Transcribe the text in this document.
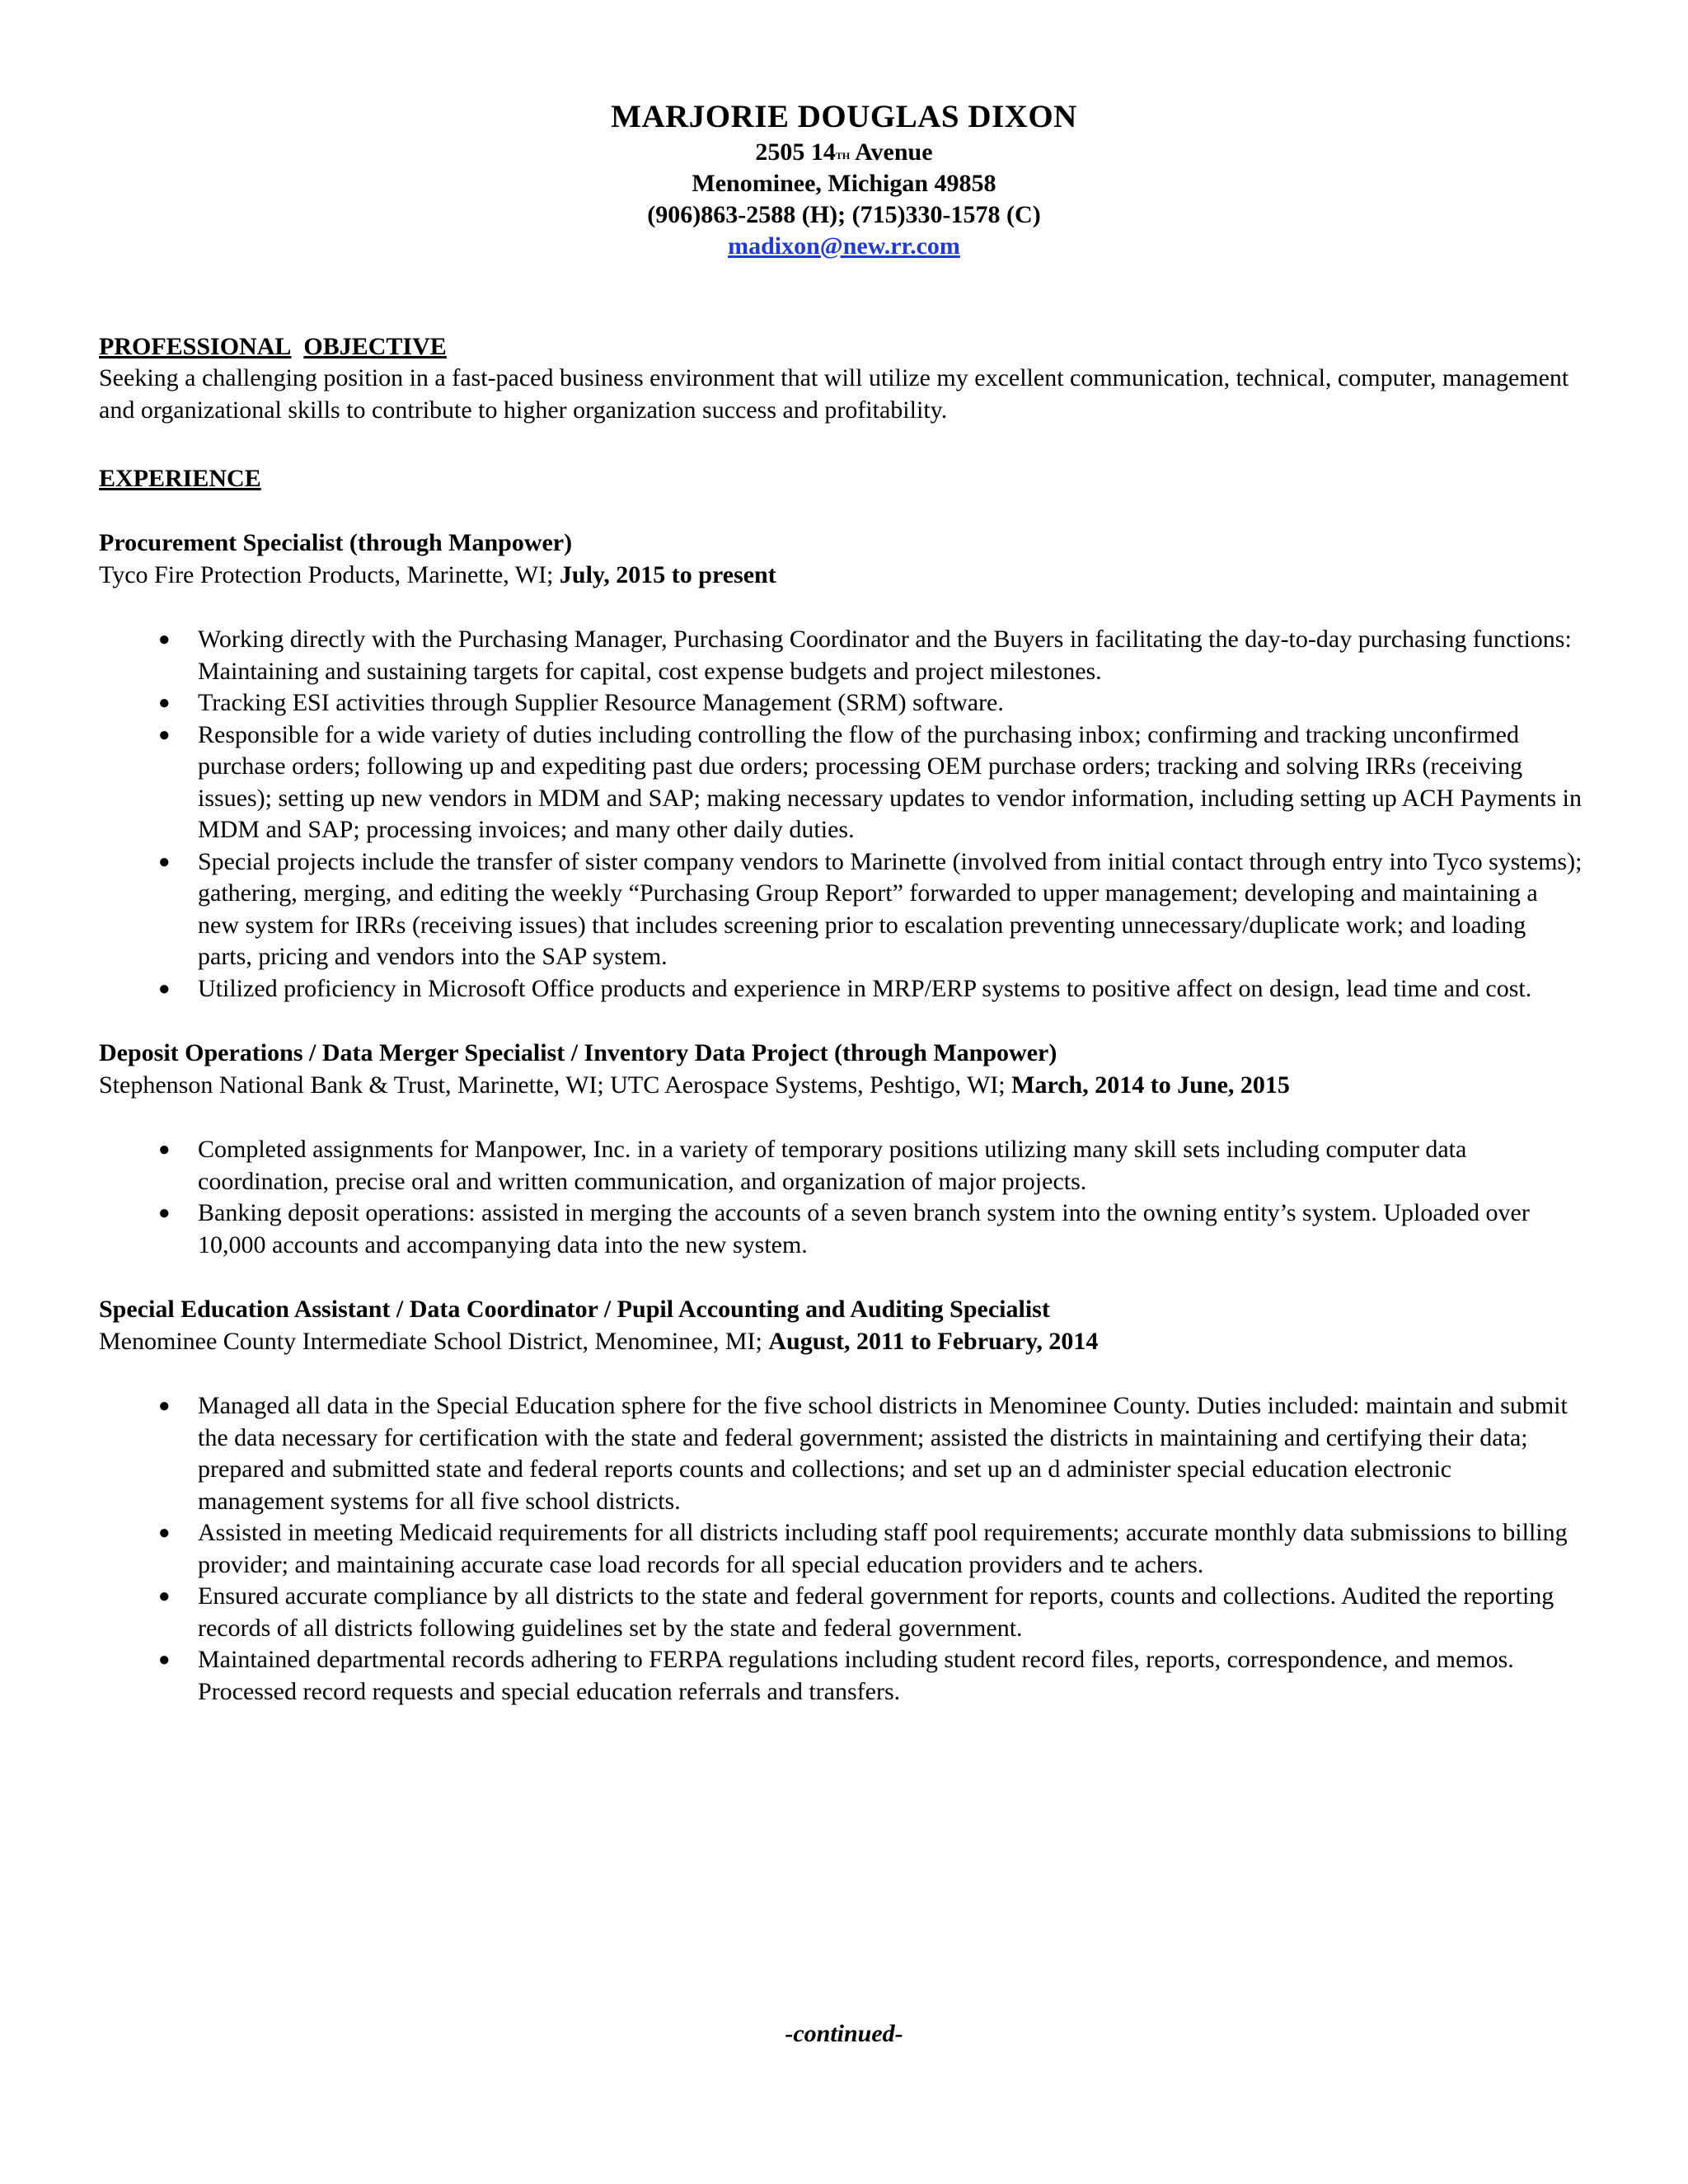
MARJORIE DOUGLAS DIXON
2505 14TH Avenue
Menominee, Michigan 49858
(906)863-2588 (H); (715)330-1578 (C)
madixon@new.rr.com
PROFESSIONAL OBJECTIVE

Seeking a challenging position in a fast-paced business environment that will utilize my excellent communication, technical, computer, management and organizational skills to contribute to higher organization success and profitability.

EXPERIENCE
Procurement Specialist (through Manpower)
Tyco Fire Protection Products, Marinette, WI; July, 2015 to present
● Working directly with the Purchasing Manager, Purchasing Coordinator and the Buyers in facilitating the day-to-day purchasing functions: Maintaining and sustaining targets for capital, cost expense budgets and project milestones.
● Tracking ESI activities through Supplier Resource Management (SRM) software.
● Responsible for a wide variety of duties including controlling the flow of the purchasing inbox; confirming and tracking unconfirmed purchase orders; following up and expediting past due orders; processing OEM purchase orders; tracking and solving IRRs (receiving issues); setting up new vendors in MDM and SAP; making necessary updates to vendor information, including setting up ACH Payments in MDM and SAP; processing invoices; and many other daily duties.
● Special projects include the transfer of sister company vendors to Marinette (involved from initial contact through entry into Tyco systems); gathering, merging, and editing the weekly “Purchasing Group Report” forwarded to upper management; developing and maintaining a new system for IRRs (receiving issues) that includes screening prior to escalation preventing unnecessary/duplicate work; and loading parts, pricing and vendors into the SAP system.
● Utilized proficiency in Microsoft Office products and experience in MRP/ERP systems to positive affect on design, lead time and cost.
Deposit Operations / Data Merger Specialist / Inventory Data Project (through Manpower)
Stephenson National Bank & Trust, Marinette, WI; UTC Aerospace Systems, Peshtigo, WI; March, 2014 to June, 2015
● Completed assignments for Manpower, Inc. in a variety of temporary positions utilizing many skill sets including computer data coordination, precise oral and written communication, and organization of major projects.
● Banking deposit operations: assisted in merging the accounts of a seven branch system into the owning entity’s system. Uploaded over 10,000 accounts and accompanying data into the new system.
Special Education Assistant / Data Coordinator / Pupil Accounting and Auditing Specialist
Menominee County Intermediate School District, Menominee, MI; August, 2011 to February, 2014
● Managed all data in the Special Education sphere for the five school districts in Menominee County. Duties included: maintain and submit the data necessary for certification with the state and federal government; assisted the districts in maintaining and certifying their data; prepared and submitted state and federal reports counts and collections; and set up an d administer special education electronic management systems for all five school districts.
● Assisted in meeting Medicaid requirements for all districts including staff pool requirements; accurate monthly data submissions to billing provider; and maintaining accurate case load records for all special education providers and te achers.
● Ensured accurate compliance by all districts to the state and federal government for reports, counts and collections. Audited the reporting records of all districts following guidelines set by the state and federal government.
● Maintained departmental records adhering to FERPA regulations including student record files, reports, correspondence, and memos. Processed record requests and special education referrals and transfers.
-continued-
